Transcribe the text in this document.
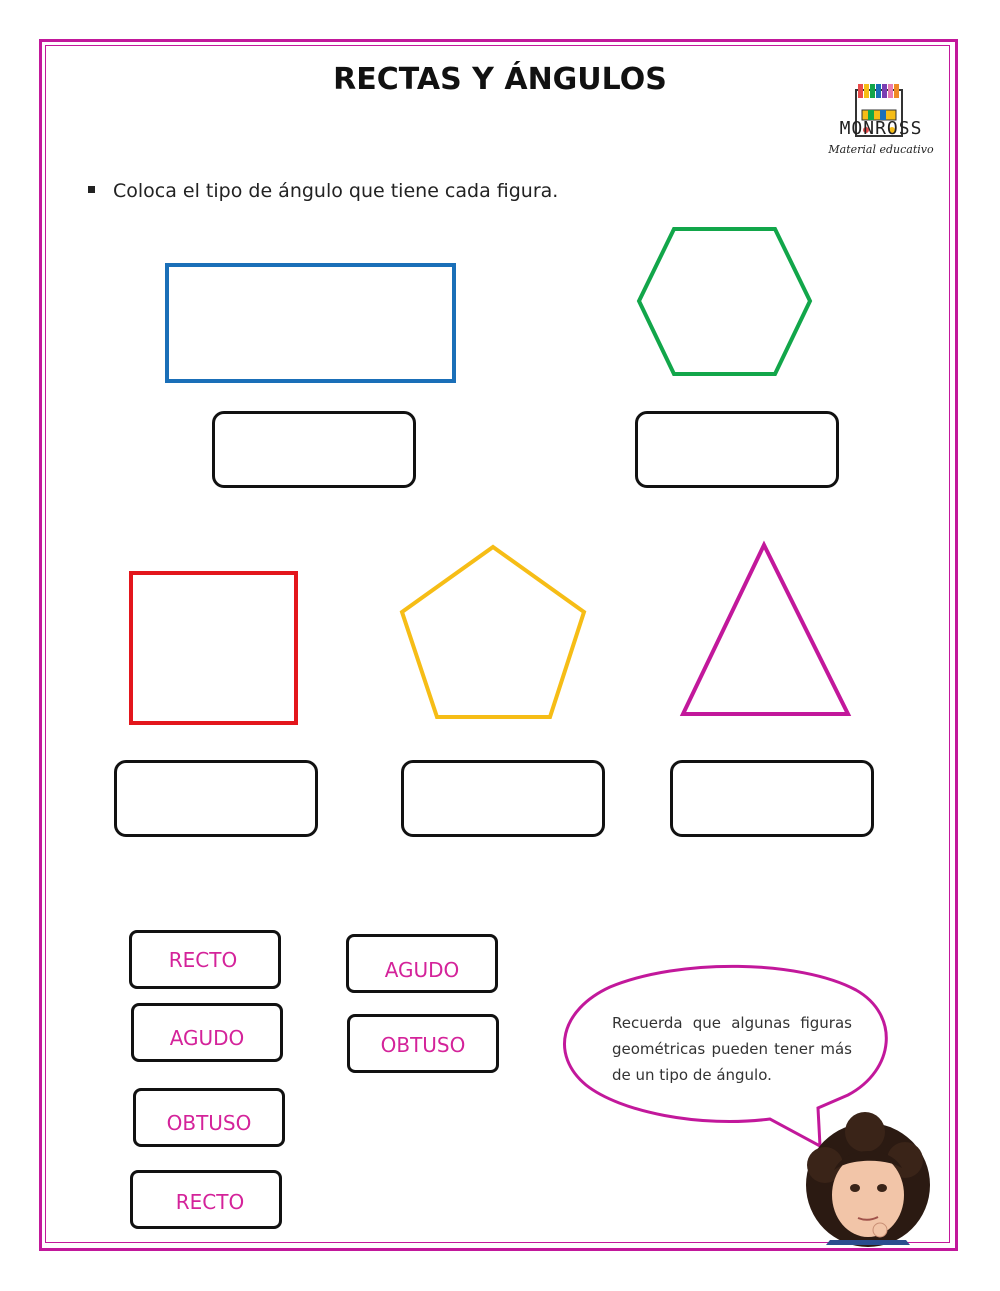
RECTAS Y ÁNGULOS
MONROSS
Material educativo
Coloca el tipo de ángulo que tiene cada figura.
RECTO
AGUDO
OBTUSO
RECTO
AGUDO
OBTUSO
Recuerda que algunas figuras geométricas pueden tener más de un tipo de ángulo.
